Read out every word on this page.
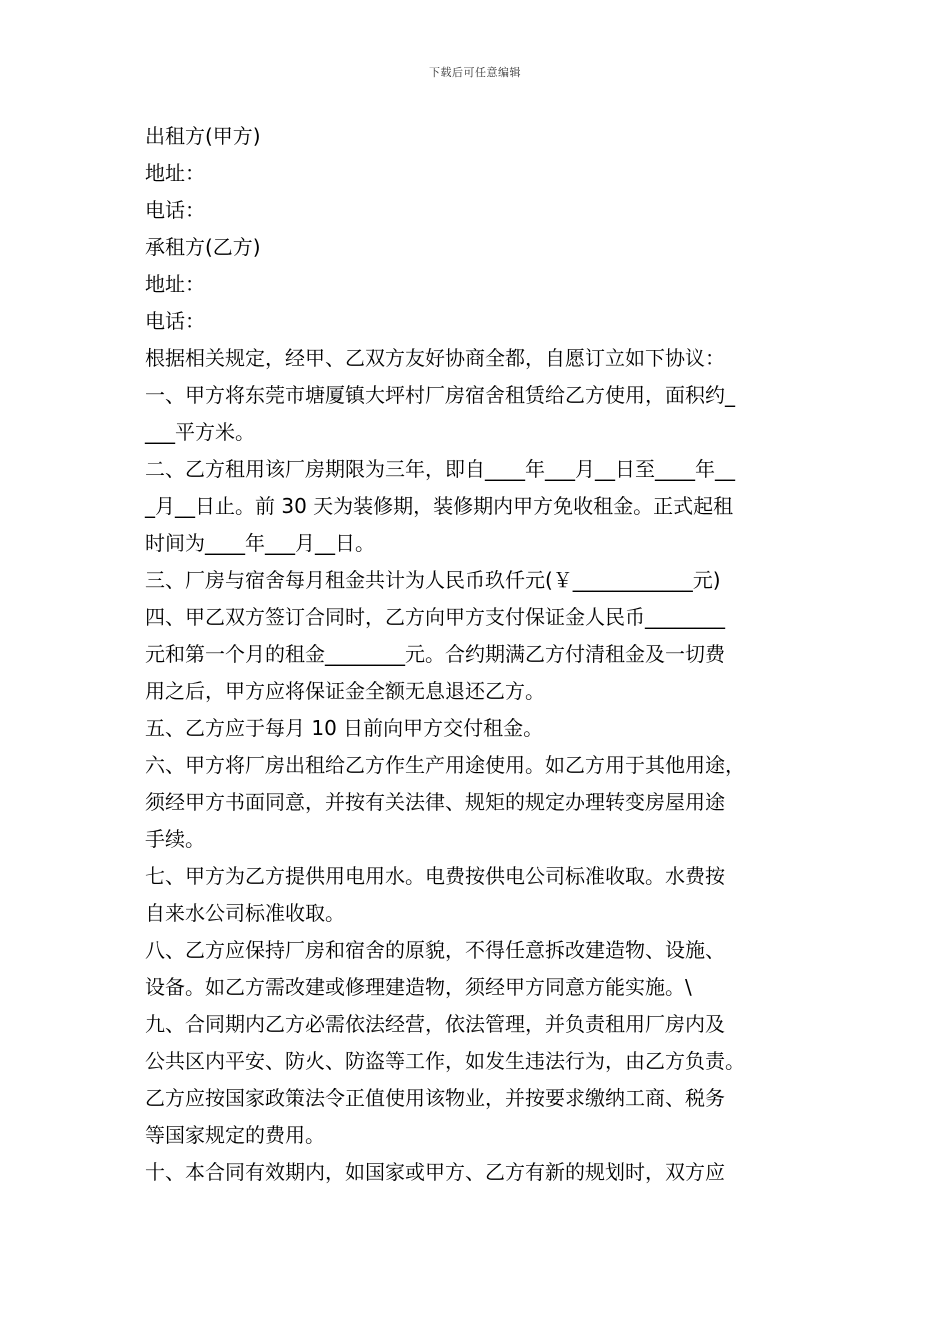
下载后可任意编辑
出租方(甲方)
地址：
电话：
承租方(乙方)
地址：
电话：
根据相关规定，经甲、乙双方友好协商全都，自愿订立如下协议：
一、甲方将东莞市塘厦镇大坪村厂房宿舍租赁给乙方使用，面积约_
___平方米。
二、乙方租用该厂房期限为三年，即自____年___月__日至____年__
_月__日止。前 30 天为装修期，装修期内甲方免收租金。正式起租
时间为____年___月__日。
三、厂房与宿舍每月租金共计为人民币玖仟元(￥____________元)
四、甲乙双方签订合同时，乙方向甲方支付保证金人民币________
元和第一个月的租金________元。合约期满乙方付清租金及一切费
用之后，甲方应将保证金全额无息退还乙方。
五、乙方应于每月 10 日前向甲方交付租金。
六、甲方将厂房出租给乙方作生产用途使用。如乙方用于其他用途，
须经甲方书面同意，并按有关法律、规矩的规定办理转变房屋用途
手续。
七、甲方为乙方提供用电用水。电费按供电公司标准收取。水费按
自来水公司标准收取。
八、乙方应保持厂房和宿舍的原貌，不得任意拆改建造物、设施、
设备。如乙方需改建或修理建造物，须经甲方同意方能实施。\
九、合同期内乙方必需依法经营，依法管理，并负责租用厂房内及
公共区内平安、防火、防盗等工作，如发生违法行为，由乙方负责。
乙方应按国家政策法令正值使用该物业，并按要求缴纳工商、税务
等国家规定的费用。
十、本合同有效期内，如国家或甲方、乙方有新的规划时，双方应
